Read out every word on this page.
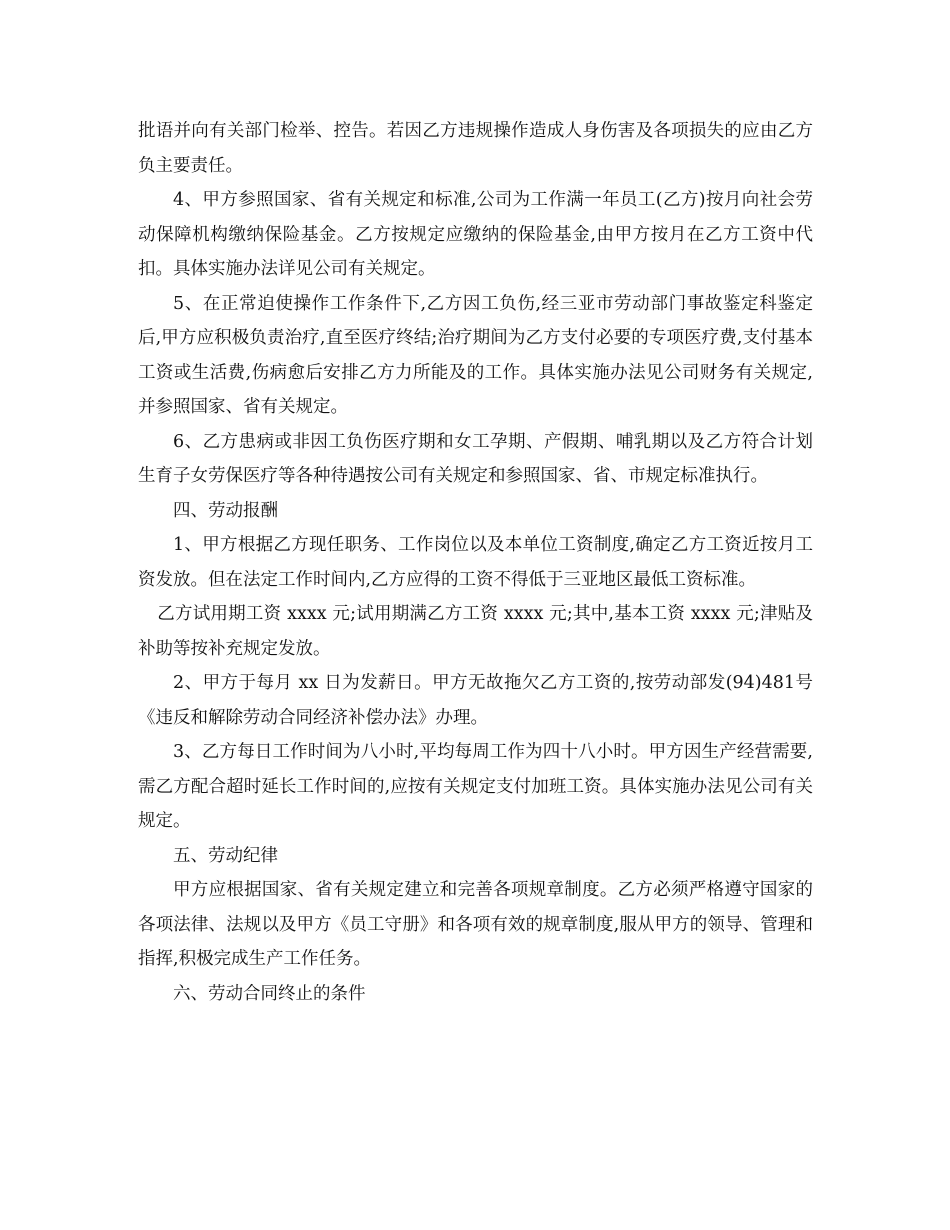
批语并向有关部门检举、控告。若因乙方违规操作造成人身伤害及各项损失的应由乙方负主要责任。

4、甲方参照国家、省有关规定和标准,公司为工作满一年员工(乙方)按月向社会劳动保障机构缴纳保险基金。乙方按规定应缴纳的保险基金,由甲方按月在乙方工资中代扣。具体实施办法详见公司有关规定。

5、在正常迫使操作工作条件下,乙方因工负伤,经三亚市劳动部门事故鉴定科鉴定后,甲方应积极负责治疗,直至医疗终结;治疗期间为乙方支付必要的专项医疗费,支付基本工资或生活费,伤病愈后安排乙方力所能及的工作。具体实施办法见公司财务有关规定,并参照国家、省有关规定。

6、乙方患病或非因工负伤医疗期和女工孕期、产假期、哺乳期以及乙方符合计划生育子女劳保医疗等各种待遇按公司有关规定和参照国家、省、市规定标准执行。

四、劳动报酬

1、甲方根据乙方现任职务、工作岗位以及本单位工资制度,确定乙方工资近按月工资发放。但在法定工作时间内,乙方应得的工资不得低于三亚地区最低工资标准。

乙方试用期工资 xxxx 元;试用期满乙方工资 xxxx 元;其中,基本工资 xxxx 元;津贴及补助等按补充规定发放。

2、甲方于每月 xx 日为发薪日。甲方无故拖欠乙方工资的,按劳动部发(94)481号《违反和解除劳动合同经济补偿办法》办理。

3、乙方每日工作时间为八小时,平均每周工作为四十八小时。甲方因生产经营需要,需乙方配合超时延长工作时间的,应按有关规定支付加班工资。具体实施办法见公司有关规定。

五、劳动纪律

甲方应根据国家、省有关规定建立和完善各项规章制度。乙方必须严格遵守国家的各项法律、法规以及甲方《员工守册》和各项有效的规章制度,服从甲方的领导、管理和指挥,积极完成生产工作任务。

六、劳动合同终止的条件
